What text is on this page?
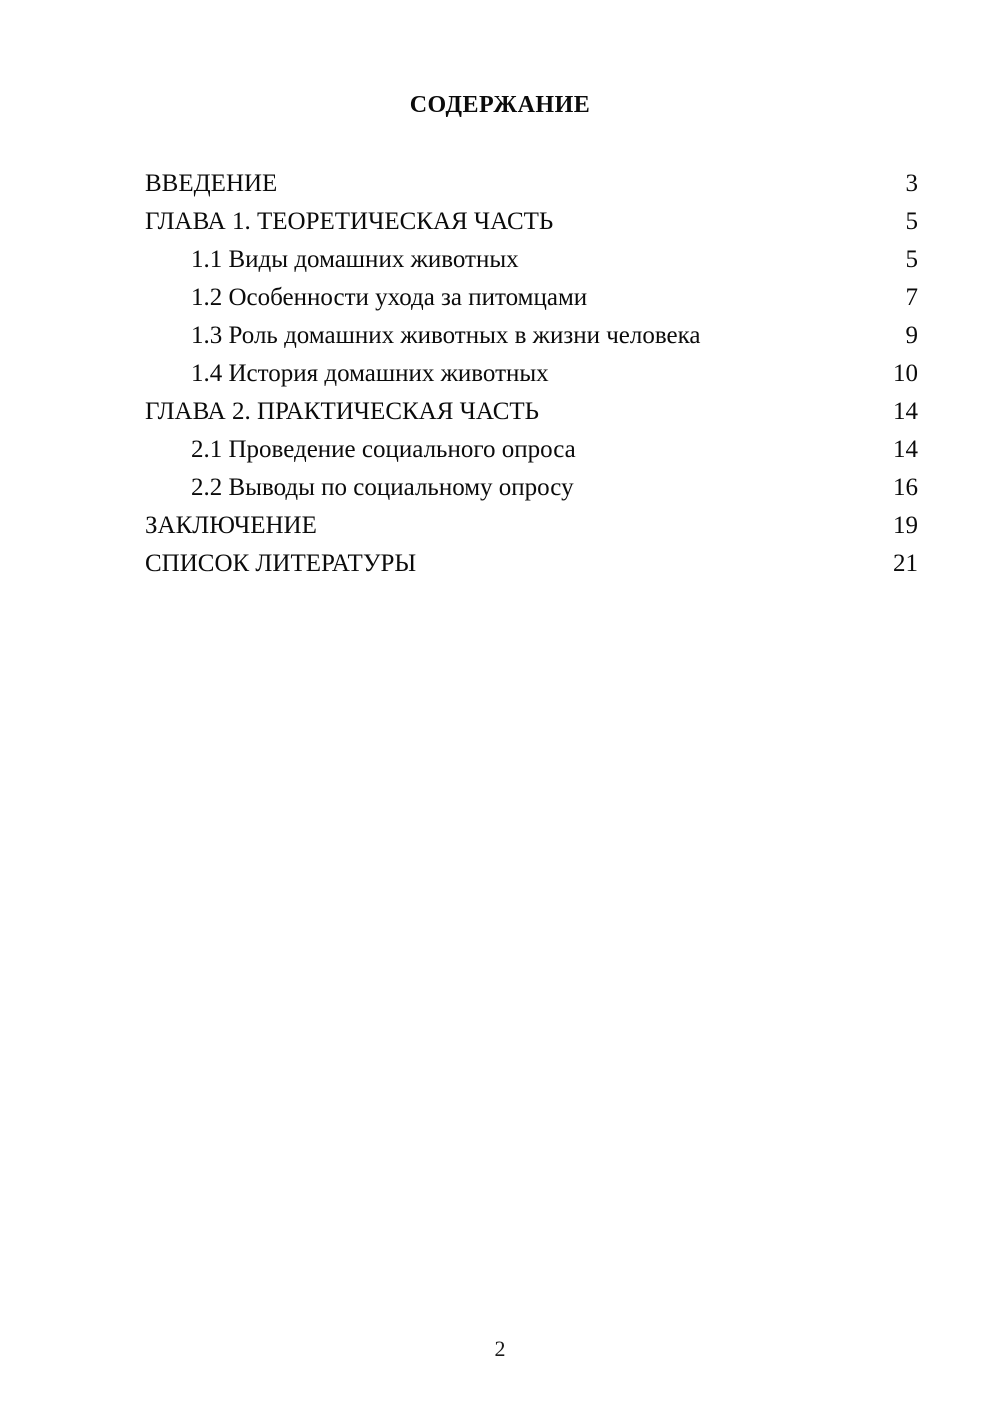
СОДЕРЖАНИЕ
ВВЕДЕНИЕ	3
ГЛАВА 1. ТЕОРЕТИЧЕСКАЯ ЧАСТЬ	5
1.1 Виды домашних животных	5
1.2 Особенности ухода за питомцами	7
1.3 Роль домашних животных в жизни человека	9
1.4 История домашних животных	10
ГЛАВА 2. ПРАКТИЧЕСКАЯ ЧАСТЬ	14
2.1 Проведение социального опроса	14
2.2 Выводы по социальному опросу	16
ЗАКЛЮЧЕНИЕ	19
СПИСОК ЛИТЕРАТУРЫ	21
2
